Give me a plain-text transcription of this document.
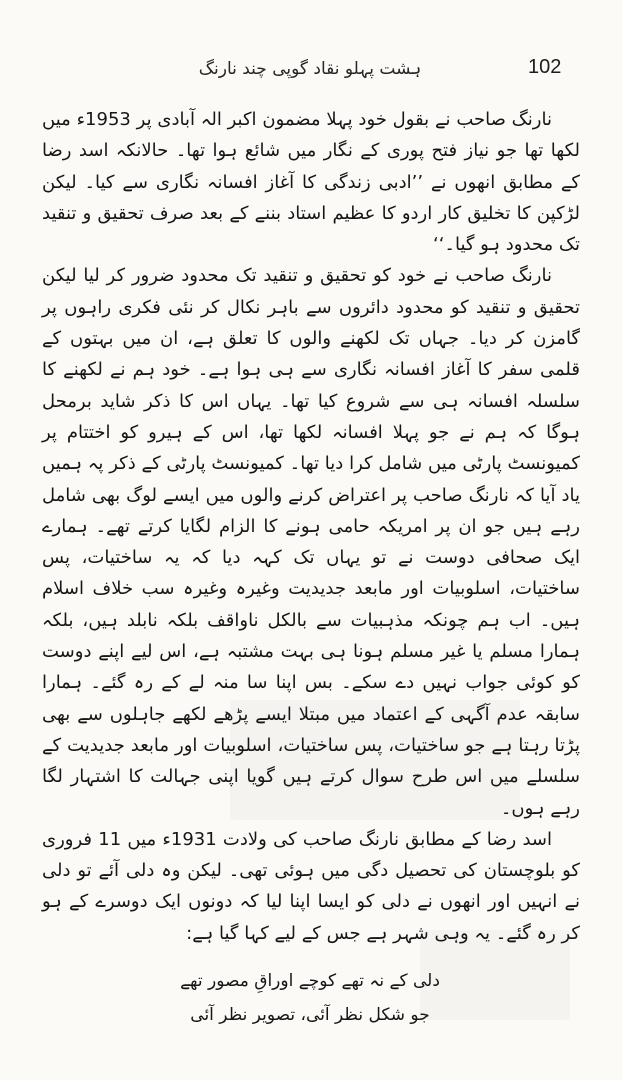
102
ہشت پہلو نقاد گوپی چند نارنگ

نارنگ صاحب نے بقول خود پہلا مضمون اکبر الہ آبادی پر 1953ء میں لکھا تھا جو نیاز فتح پوری کے نگار میں شائع ہوا تھا۔ حالانکہ اسد رضا کے مطابق انھوں نے ’’ادبی زندگی کا آغاز افسانہ نگاری سے کیا۔ لیکن لڑکپن کا تخلیق کار اردو کا عظیم استاد بننے کے بعد صرف تحقیق و تنقید تک محدود ہو گیا۔‘‘

نارنگ صاحب نے خود کو تحقیق و تنقید تک محدود ضرور کر لیا لیکن تحقیق و تنقید کو محدود دائروں سے باہر نکال کر نئی فکری راہوں پر گامزن کر دیا۔ جہاں تک لکھنے والوں کا تعلق ہے، ان میں بہتوں کے قلمی سفر کا آغاز افسانہ نگاری سے ہی ہوا ہے۔ خود ہم نے لکھنے کا سلسلہ افسانہ ہی سے شروع کیا تھا۔ یہاں اس کا ذکر شاید برمحل ہوگا کہ ہم نے جو پہلا افسانہ لکھا تھا، اس کے ہیرو کو اختتام پر کمیونسٹ پارٹی میں شامل کرا دیا تھا۔ کمیونسٹ پارٹی کے ذکر پہ ہمیں یاد آیا کہ نارنگ صاحب پر اعتراض کرنے والوں میں ایسے لوگ بھی شامل رہے ہیں جو ان پر امریکہ حامی ہونے کا الزام لگایا کرتے تھے۔ ہمارے ایک صحافی دوست نے تو یہاں تک کہہ دیا کہ یہ ساختیات، پس ساختیات، اسلوبیات اور مابعد جدیدیت وغیرہ وغیرہ سب خلاف اسلام ہیں۔ اب ہم چونکہ مذہبیات سے بالکل ناواقف بلکہ نابلد ہیں، بلکہ ہمارا مسلم یا غیر مسلم ہونا ہی بہت مشتبہ ہے، اس لیے اپنے دوست کو کوئی جواب نہیں دے سکے۔ بس اپنا سا منہ لے کے رہ گئے۔ ہمارا سابقہ عدم آگہی کے اعتماد میں مبتلا ایسے پڑھے لکھے جاہلوں سے بھی پڑتا رہتا ہے جو ساختیات، پس ساختیات، اسلوبیات اور مابعد جدیدیت کے سلسلے میں اس طرح سوال کرتے ہیں گویا اپنی جہالت کا اشتہار لگا رہے ہوں۔

اسد رضا کے مطابق نارنگ صاحب کی ولادت 1931ء میں 11 فروری کو بلوچستان کی تحصیل دگی میں ہوئی تھی۔ لیکن وہ دلی آئے تو دلی نے انہیں اور انھوں نے دلی کو ایسا اپنا لیا کہ دونوں ایک دوسرے کے ہو کر رہ گئے۔ یہ وہی شہر ہے جس کے لیے کہا گیا ہے:

دلی کے نہ تھے کوچے اوراقِ مصور تھے

جو شکل نظر آئی، تصویر نظر آئی
